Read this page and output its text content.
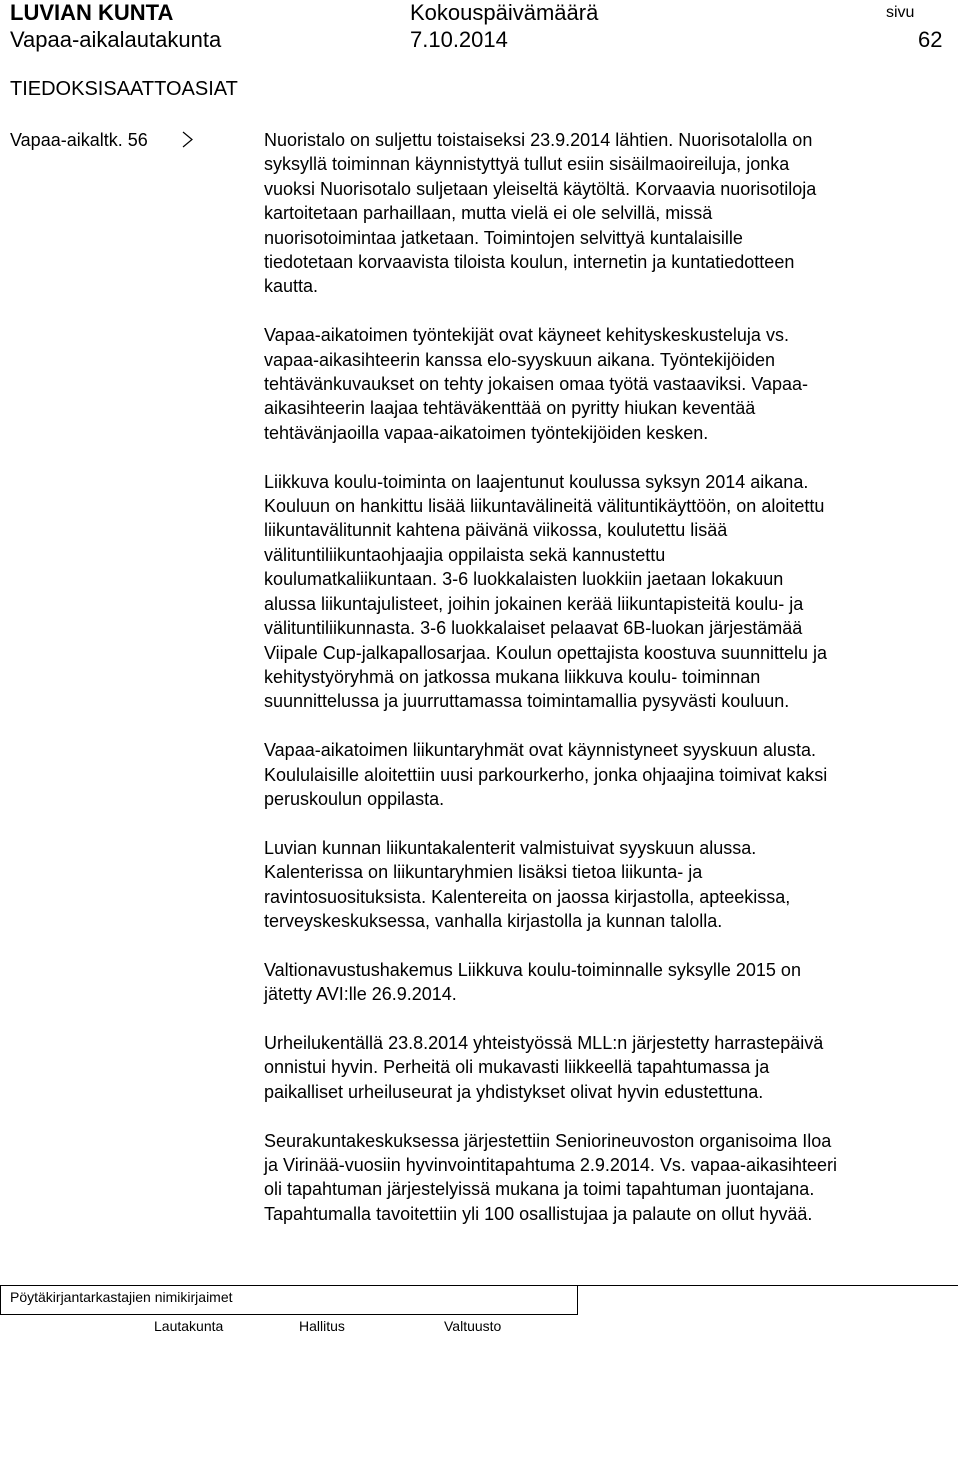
LUVIAN KUNTA
Vapaa-aikalautakunta
Kokouspäivämäärä
7.10.2014
sivu
62
TIEDOKSISAATTOASIAT
Vapaa-aikaltk. 56	Nuoristalo on suljettu toistaiseksi 23.9.2014 lähtien. Nuorisotalolla on
syksyllä toiminnan käynnistyttyä tullut esiin sisäilmaoireiluja, jonka
vuoksi Nuorisotalo suljetaan yleiseltä käytöltä. Korvaavia nuorisotiloja
kartoitetaan parhaillaan, mutta vielä ei ole selvillä, missä
nuorisotoimintaa jatketaan. Toimintojen selvittyä kuntalaisille
tiedotetaan korvaavista tiloista koulun, internetin ja kuntatiedotteen
kautta.

Vapaa-aikatoimen työntekijät ovat käyneet kehityskeskusteluja vs.
vapaa-aikasihteerin kanssa elo-syyskuun aikana. Työntekijöiden
tehtävänkuvaukset on tehty jokaisen omaa työtä vastaaviksi. Vapaa-
aikasihteerin laajaa tehtäväkenttää on pyritty hiukan keventää
tehtävänjaoilla vapaa-aikatoimen työntekijöiden kesken.

Liikkuva koulu-toiminta on laajentunut koulussa syksyn 2014 aikana.
Kouluun on hankittu lisää liikuntavälineitä välituntikäyttöön, on aloitettu
liikuntavälitunnit kahtena päivänä viikossa, koulutettu lisää
välituntiliikuntaohjaajia oppilaista sekä kannustettu
koulumatkaliikuntaan. 3-6 luokkalaisten luokkiin jaetaan lokakuun
alussa liikuntajulisteet, joihin jokainen kerää liikuntapisteitä koulu- ja
välituntiliikunnasta. 3-6 luokkalaiset pelaavat 6B-luokan järjestämää
Viipale Cup-jalkapallosarjaa. Koulun opettajista koostuva suunnittelu ja
kehitystyöryhmä on jatkossa mukana liikkuva koulu- toiminnan
suunnittelussa ja juurruttamassa toimintamallia pysyvästi kouluun.

Vapaa-aikatoimen liikuntaryhmät ovat käynnistyneet syyskuun alusta.
Koululaisille aloitettiin uusi parkourkerho, jonka ohjaajina toimivat kaksi
peruskoulun oppilasta.

Luvian kunnan liikuntakalenterit valmistuivat syyskuun alussa.
Kalenterissa on liikuntaryhmien lisäksi tietoa liikunta- ja
ravintosuosituksista. Kalentereita on jaossa kirjastolla, apteekissa,
terveyskeskuksessa, vanhalla kirjastolla ja kunnan talolla.

Valtionavustushakemus Liikkuva koulu-toiminnalle syksylle 2015 on
jätetty AVI:lle 26.9.2014.

Urheilukentällä 23.8.2014 yhteistyössä MLL:n järjestetty harrastepäivä
onnistui hyvin. Perheitä oli mukavasti liikkeellä tapahtumassa ja
paikalliset urheiluseurat ja yhdistykset olivat hyvin edustettuna.

Seurakuntakeskuksessa järjestettiin Seniorineuvoston organisoima Iloa
ja Virinää-vuosiin hyvinvointitapahtuma 2.9.2014. Vs. vapaa-aikasihteeri
oli tapahtuman järjestelyissä mukana ja toimi tapahtuman juontajana.
Tapahtumalla tavoitettiin yli 100 osallistujaa ja palaute on ollut hyvää.

Pöytäkirjantarkastajien nimikirjaimet
Lautakunta	Hallitus	Valtuusto
